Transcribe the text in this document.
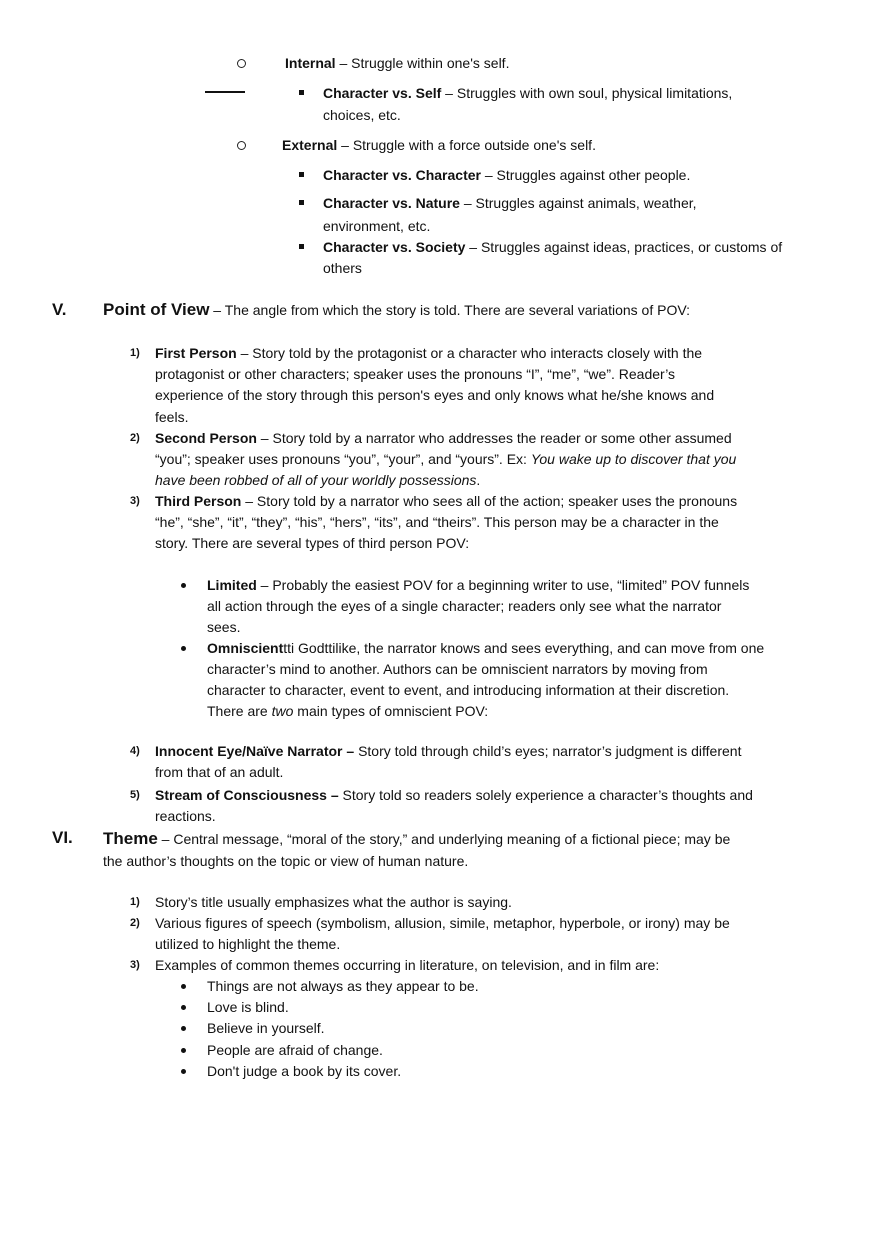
Internal – Struggle within one's self.
Character vs. Self – Struggles with own soul, physical limitations,
choices, etc.
External – Struggle with a force outside one's self.
Character vs. Character – Struggles against other people.
Character vs. Nature – Struggles against animals, weather,
environment, etc.
Character vs. Society – Struggles against ideas, practices, or customs of
others
V. Point of View – The angle from which the story is told. There are several variations of POV:
1) First Person – Story told by the protagonist or a character who interacts closely with the
protagonist or other characters; speaker uses the pronouns “I”, “me”, “we”. Reader’s
experience of the story through this person's eyes and only knows what he/she knows and
feels.
2) Second Person – Story told by a narrator who addresses the reader or some other assumed
“you”; speaker uses pronouns “you”, “your”, and “yours”. Ex: You wake up to discover that you
have been robbed of all of your worldly possessions.
3) Third Person – Story told by a narrator who sees all of the action; speaker uses the pronouns
“he”, “she”, “it”, “they”, “his”, “hers”, “its”, and “theirs”. This person may be a character in the
story. There are several types of third person POV:
Limited – Probably the easiest POV for a beginning writer to use, “limited” POV funnels
all action through the eyes of a single character; readers only see what the narrator
sees.
Omniscienttti Godttilike, the narrator knows and sees everything, and can move from one
character’s mind to another. Authors can be omniscient narrators by moving from
character to character, event to event, and introducing information at their discretion.
There are two main types of omniscient POV:
4) Innocent Eye/Naïve Narrator – Story told through child’s eyes; narrator’s judgment is different
from that of an adult.
5) Stream of Consciousness – Story told so readers solely experience a character’s thoughts and
reactions.
VI. Theme – Central message, “moral of the story,” and underlying meaning of a fictional piece; may be
the author’s thoughts on the topic or view of human nature.
1) Story’s title usually emphasizes what the author is saying.
2) Various figures of speech (symbolism, allusion, simile, metaphor, hyperbole, or irony) may be
utilized to highlight the theme.
3) Examples of common themes occurring in literature, on television, and in film are:
Things are not always as they appear to be.
Love is blind.
Believe in yourself.
People are afraid of change.
Don't judge a book by its cover.
